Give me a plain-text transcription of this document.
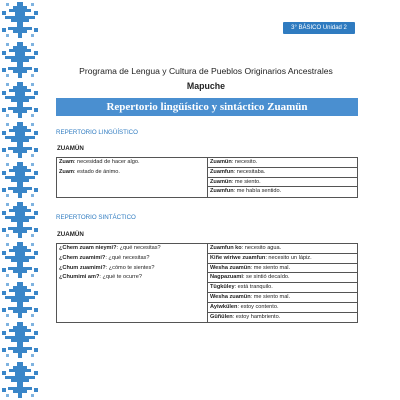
3° BÁSICO Unidad 2
Programa de Lengua y Cultura de Pueblos Originarios Ancestrales
Mapuche
Repertorio lingüístico y sintáctico Zuamün
REPERTORIO LINGÜÍSTICO
ZUAMÜN
Zuam: necesidad de hacer algo.
Zuam: estado de ánimo.
Zuamün: necesito.
Zuamfun: necesitaba.
Zuamün: me siento.
Zuamfun: me había sentido.
REPERTORIO SINTÁCTICO
ZUAMÜN
¿Chem zuam nieymi?: ¿qué necesitas?
¿Chem zuamimi?: ¿qué necesitas?
¿Chum zuamimi?: ¿cómo te sientes?
¿Chumimi am?: ¿qué te ocurre?
Zuamfun ko: necesito agua.
Kiñe wiriwe zuamfun: necesito un lápiz.
Wesha zuamün: me siento mal.
Nagpazuami: se sintió decaído.
Tügküley: está tranquilo.
Wesha zuamün: me siento mal.
Ayiwkülen: estoy contento.
Güñülen: estoy hambriento.
